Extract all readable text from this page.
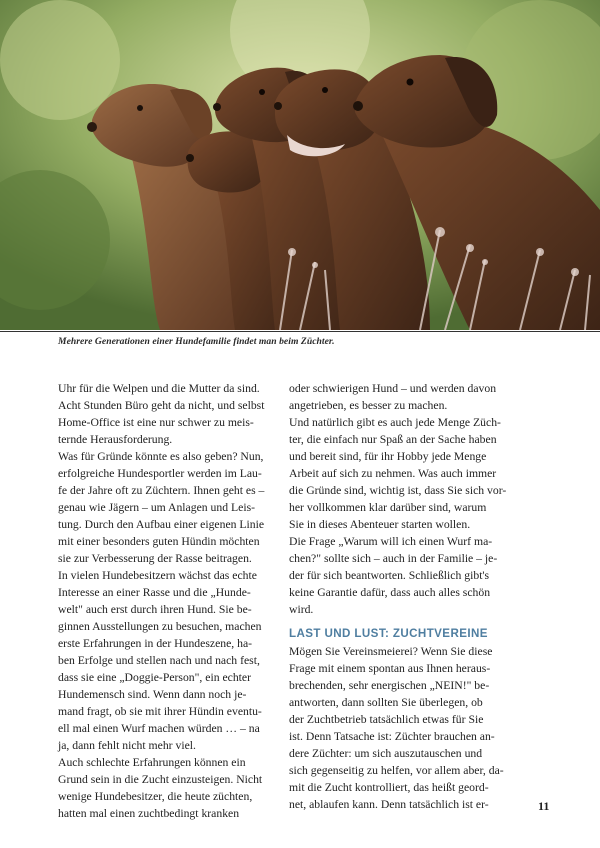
Mehrere Generationen einer Hundefamilie findet man beim Züchter.
Uhr für die Welpen und die Mutter da sind.
Acht Stunden Büro geht da nicht, und selbst
Home-Office ist eine nur schwer zu meis-
ternde Herausforderung.
Was für Gründe könnte es also geben? Nun,
erfolgreiche Hundesportler werden im Lau-
fe der Jahre oft zu Züchtern. Ihnen geht es –
genau wie Jägern – um Anlagen und Leis-
tung. Durch den Aufbau einer eigenen Linie
mit einer besonders guten Hündin möchten
sie zur Verbesserung der Rasse beitragen.
In vielen Hundebesitzern wächst das echte
Interesse an einer Rasse und die „Hunde-
welt" auch erst durch ihren Hund. Sie be-
ginnen Ausstellungen zu besuchen, machen
erste Erfahrungen in der Hundeszene, ha-
ben Erfolge und stellen nach und nach fest,
dass sie eine „Doggie-Person", ein echter
Hundemensch sind. Wenn dann noch je-
mand fragt, ob sie mit ihrer Hündin eventu-
ell mal einen Wurf machen würden … – na
ja, dann fehlt nicht mehr viel.
Auch schlechte Erfahrungen können ein
Grund sein in die Zucht einzusteigen. Nicht
wenige Hundebesitzer, die heute züchten,
hatten mal einen zuchtbedingt kranken
oder schwierigen Hund – und werden davon
angetrieben, es besser zu machen.
Und natürlich gibt es auch jede Menge Züch-
ter, die einfach nur Spaß an der Sache haben
und bereit sind, für ihr Hobby jede Menge
Arbeit auf sich zu nehmen. Was auch immer
die Gründe sind, wichtig ist, dass Sie sich vor-
her vollkommen klar darüber sind, warum
Sie in dieses Abenteuer starten wollen.
Die Frage „Warum will ich einen Wurf ma-
chen?" sollte sich – auch in der Familie – je-
der für sich beantworten. Schließlich gibt's
keine Garantie dafür, dass auch alles schön
wird.
LAST UND LUST: ZUCHTVEREINE
Mögen Sie Vereinsmeierei? Wenn Sie diese
Frage mit einem spontan aus Ihnen heraus-
brechenden, sehr energischen „NEIN!" be-
antworten, dann sollten Sie überlegen, ob
der Zuchtbetrieb tatsächlich etwas für Sie
ist. Denn Tatsache ist: Züchter brauchen an-
dere Züchter: um sich auszutauschen und
sich gegenseitig zu helfen, vor allem aber, da-
mit die Zucht kontrolliert, das heißt geord-
net, ablaufen kann. Denn tatsächlich ist er-	11
